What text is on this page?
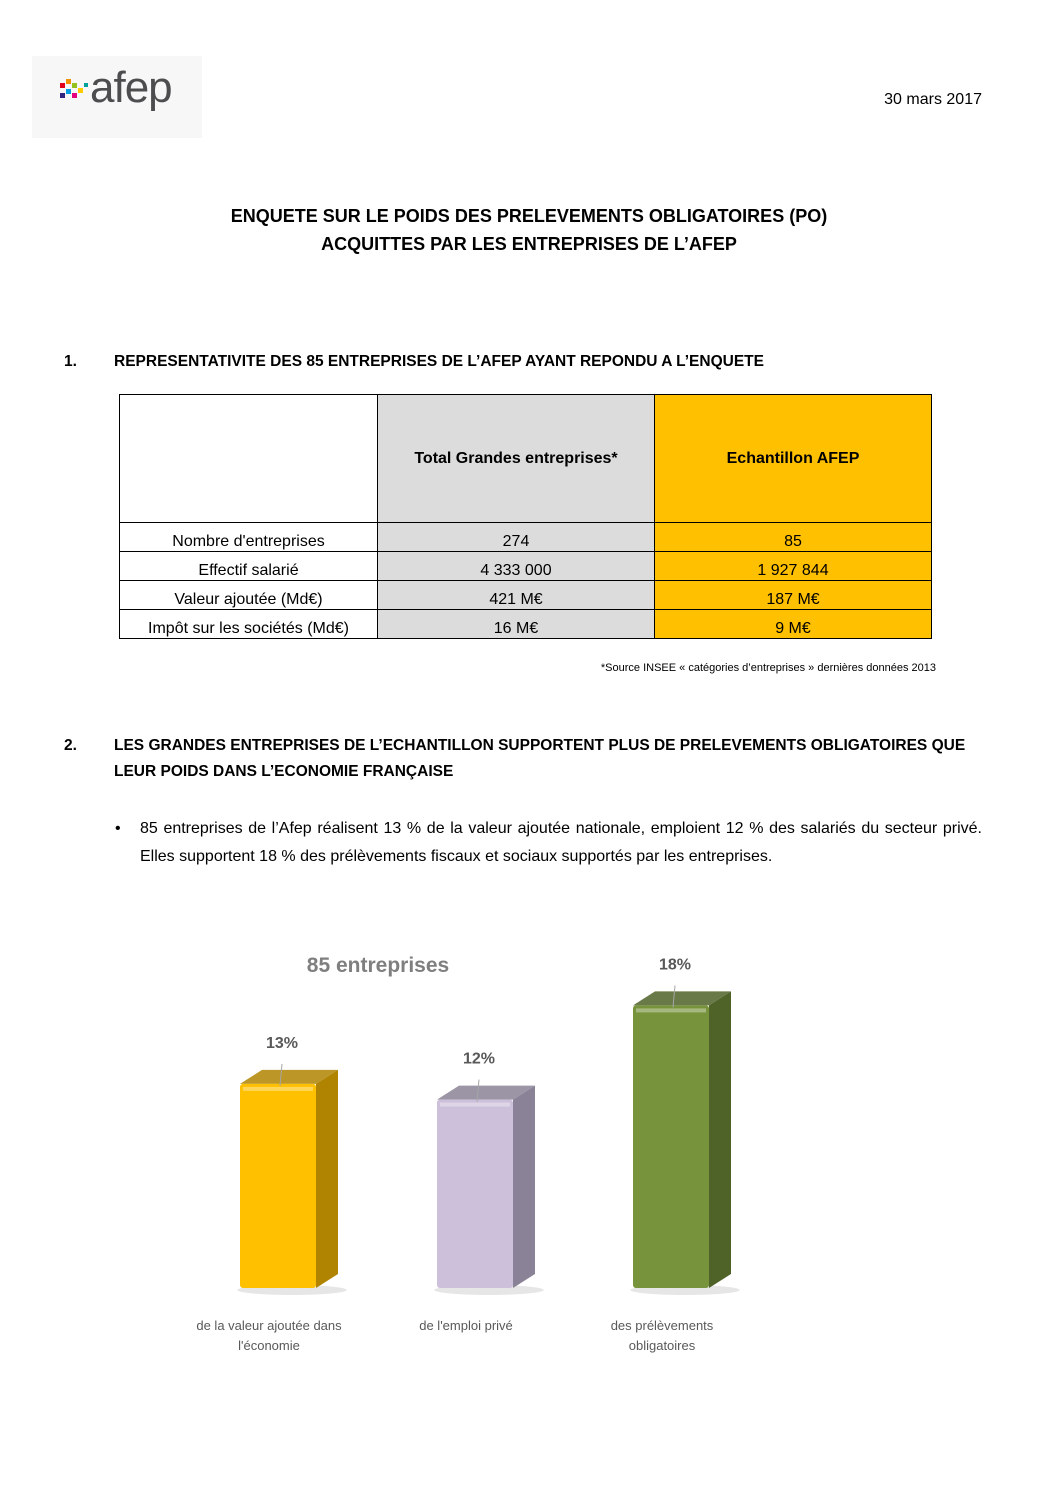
afep	30 mars 2017
ENQUETE SUR LE POIDS DES PRELEVEMENTS OBLIGATOIRES (PO)
ACQUITTES PAR LES ENTREPRISES DE L’AFEP
1. REPRESENTATIVITE DES 85 ENTREPRISES DE L’AFEP AYANT REPONDU A L’ENQUETE
	Total Grandes entreprises*	Echantillon AFEP
Nombre d'entreprises	274	85
Effectif salarié	4 333 000	1 927 844
Valeur ajoutée (Md€)	421 M€	187 M€
Impôt sur les sociétés (Md€)	16 M€	9 M€
*Source INSEE « catégories d’entreprises » dernières données 2013
2. LES GRANDES ENTREPRISES DE L’ECHANTILLON SUPPORTENT PLUS DE PRELEVEMENTS OBLIGATOIRES QUE LEUR POIDS DANS L’ECONOMIE FRANÇAISE
• 85 entreprises de l’Afep réalisent 13 % de la valeur ajoutée nationale, emploient 12 % des salariés du secteur privé. Elles supportent 18 % des prélèvements fiscaux et sociaux supportés par les entreprises.
85 entreprises
13%
de la valeur ajoutée dans
l'économie
12%
de l'emploi privé
18%
des prélèvements
obligatoires
